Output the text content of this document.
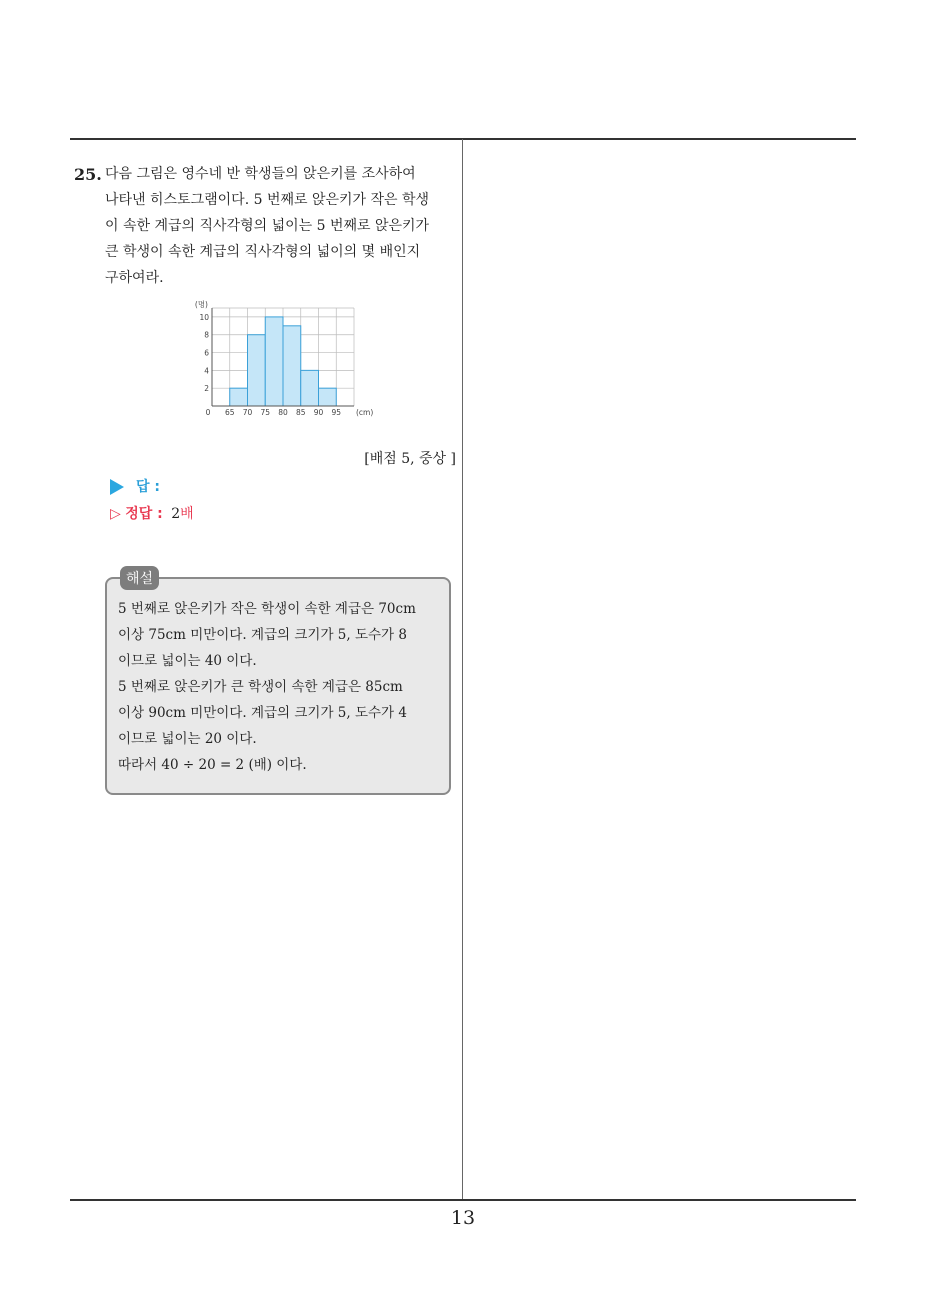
25. 다음 그림은 영수네 반 학생들의 앉은키를 조사하여

나타낸 히스토그램이다. 5 번째로 앉은키가 작은 학생

이 속한 계급의 직사각형의 넓이는 5 번째로 앉은키가

큰 학생이 속한 계급의 직사각형의 넓이의 몇 배인지

구하여라.

2
4
6
8
10
65 70 75 80 85 90 95
0
(명)
(cm)
[배점 5, 중상 ]
답 :
▷ 정답 : 2배
해설

5 번째로 앉은키가 작은 학생이 속한 계급은 70cm

이상 75cm 미만이다. 계급의 크기가 5, 도수가 8

이므로 넓이는 40 이다.

5 번째로 앉은키가 큰 학생이 속한 계급은 85cm

이상 90cm 미만이다. 계급의 크기가 5, 도수가 4

이므로 넓이는 20 이다.

따라서 40 ÷ 20 = 2 (배) 이다.

13
